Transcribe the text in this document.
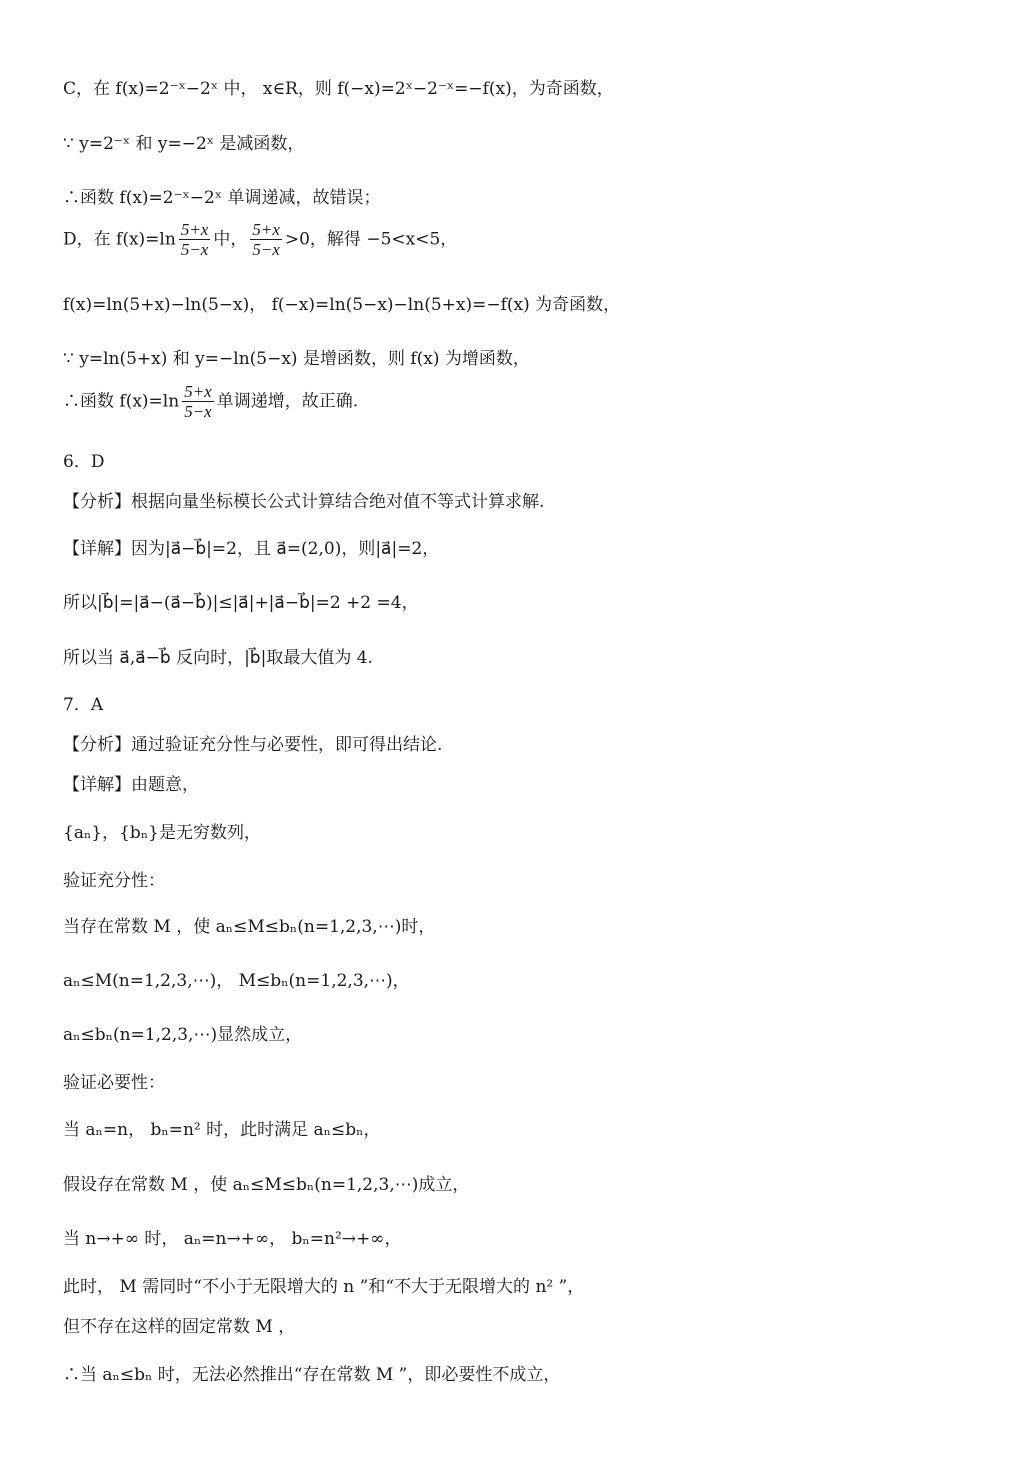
C，在 f(x)=2⁻ˣ−2ˣ 中， x∈R，则 f(−x)=2ˣ−2⁻ˣ=−f(x)，为奇函数，
∵ y=2⁻ˣ 和 y=−2ˣ 是减函数，
∴函数 f(x)=2⁻ˣ−2ˣ 单调递减，故错误；
D，在 $f(x)=\ln \frac{5+x}{5-x}$ 中， $\frac{5+x}{5-x} >0$，解得 −5<x<5，
f(x)=ln(5+x)−ln(5−x)， f(−x)=ln(5−x)−ln(5+x)=−f(x) 为奇函数，
∵ y=ln(5+x) 和 y=−ln(5−x) 是增函数，则 f(x) 为增函数，
∴函数 $f(x)=\ln \frac{5+x}{5-x}$ 单调递增，故正确.
6．D
【分析】根据向量坐标模长公式计算结合绝对值不等式计算求解.
【详解】因为|a⃗−b⃗|=2，且 a⃗=(2,0)，则|a⃗|=2，
所以|b⃗|=|a⃗−(a⃗−b⃗)|≤|a⃗|+|a⃗−b⃗|=2 +2 =4，
所以当 a⃗,a⃗−b⃗ 反向时，|b⃗|取最大值为 4.
7．A
【分析】通过验证充分性与必要性，即可得出结论.
【详解】由题意，
{aₙ}，{bₙ}是无穷数列，
验证充分性：
当存在常数 M ，使 aₙ≤M≤bₙ(n=1,2,3,⋯)时，
aₙ≤M(n=1,2,3,⋯)， M≤bₙ(n=1,2,3,⋯)，
aₙ≤bₙ(n=1,2,3,⋯)显然成立，
验证必要性：
当 aₙ=n， bₙ=n² 时，此时满足 aₙ≤bₙ，
假设存在常数 M ，使 aₙ≤M≤bₙ(n=1,2,3,⋯)成立，
当 n→+∞ 时， aₙ=n→+∞， bₙ=n²→+∞，
此时， M 需同时“不小于无限增大的 n ”和“不大于无限增大的 n² ”，
但不存在这样的固定常数 M ，
∴当 aₙ≤bₙ 时，无法必然推出“存在常数 M ”，即必要性不成立，
